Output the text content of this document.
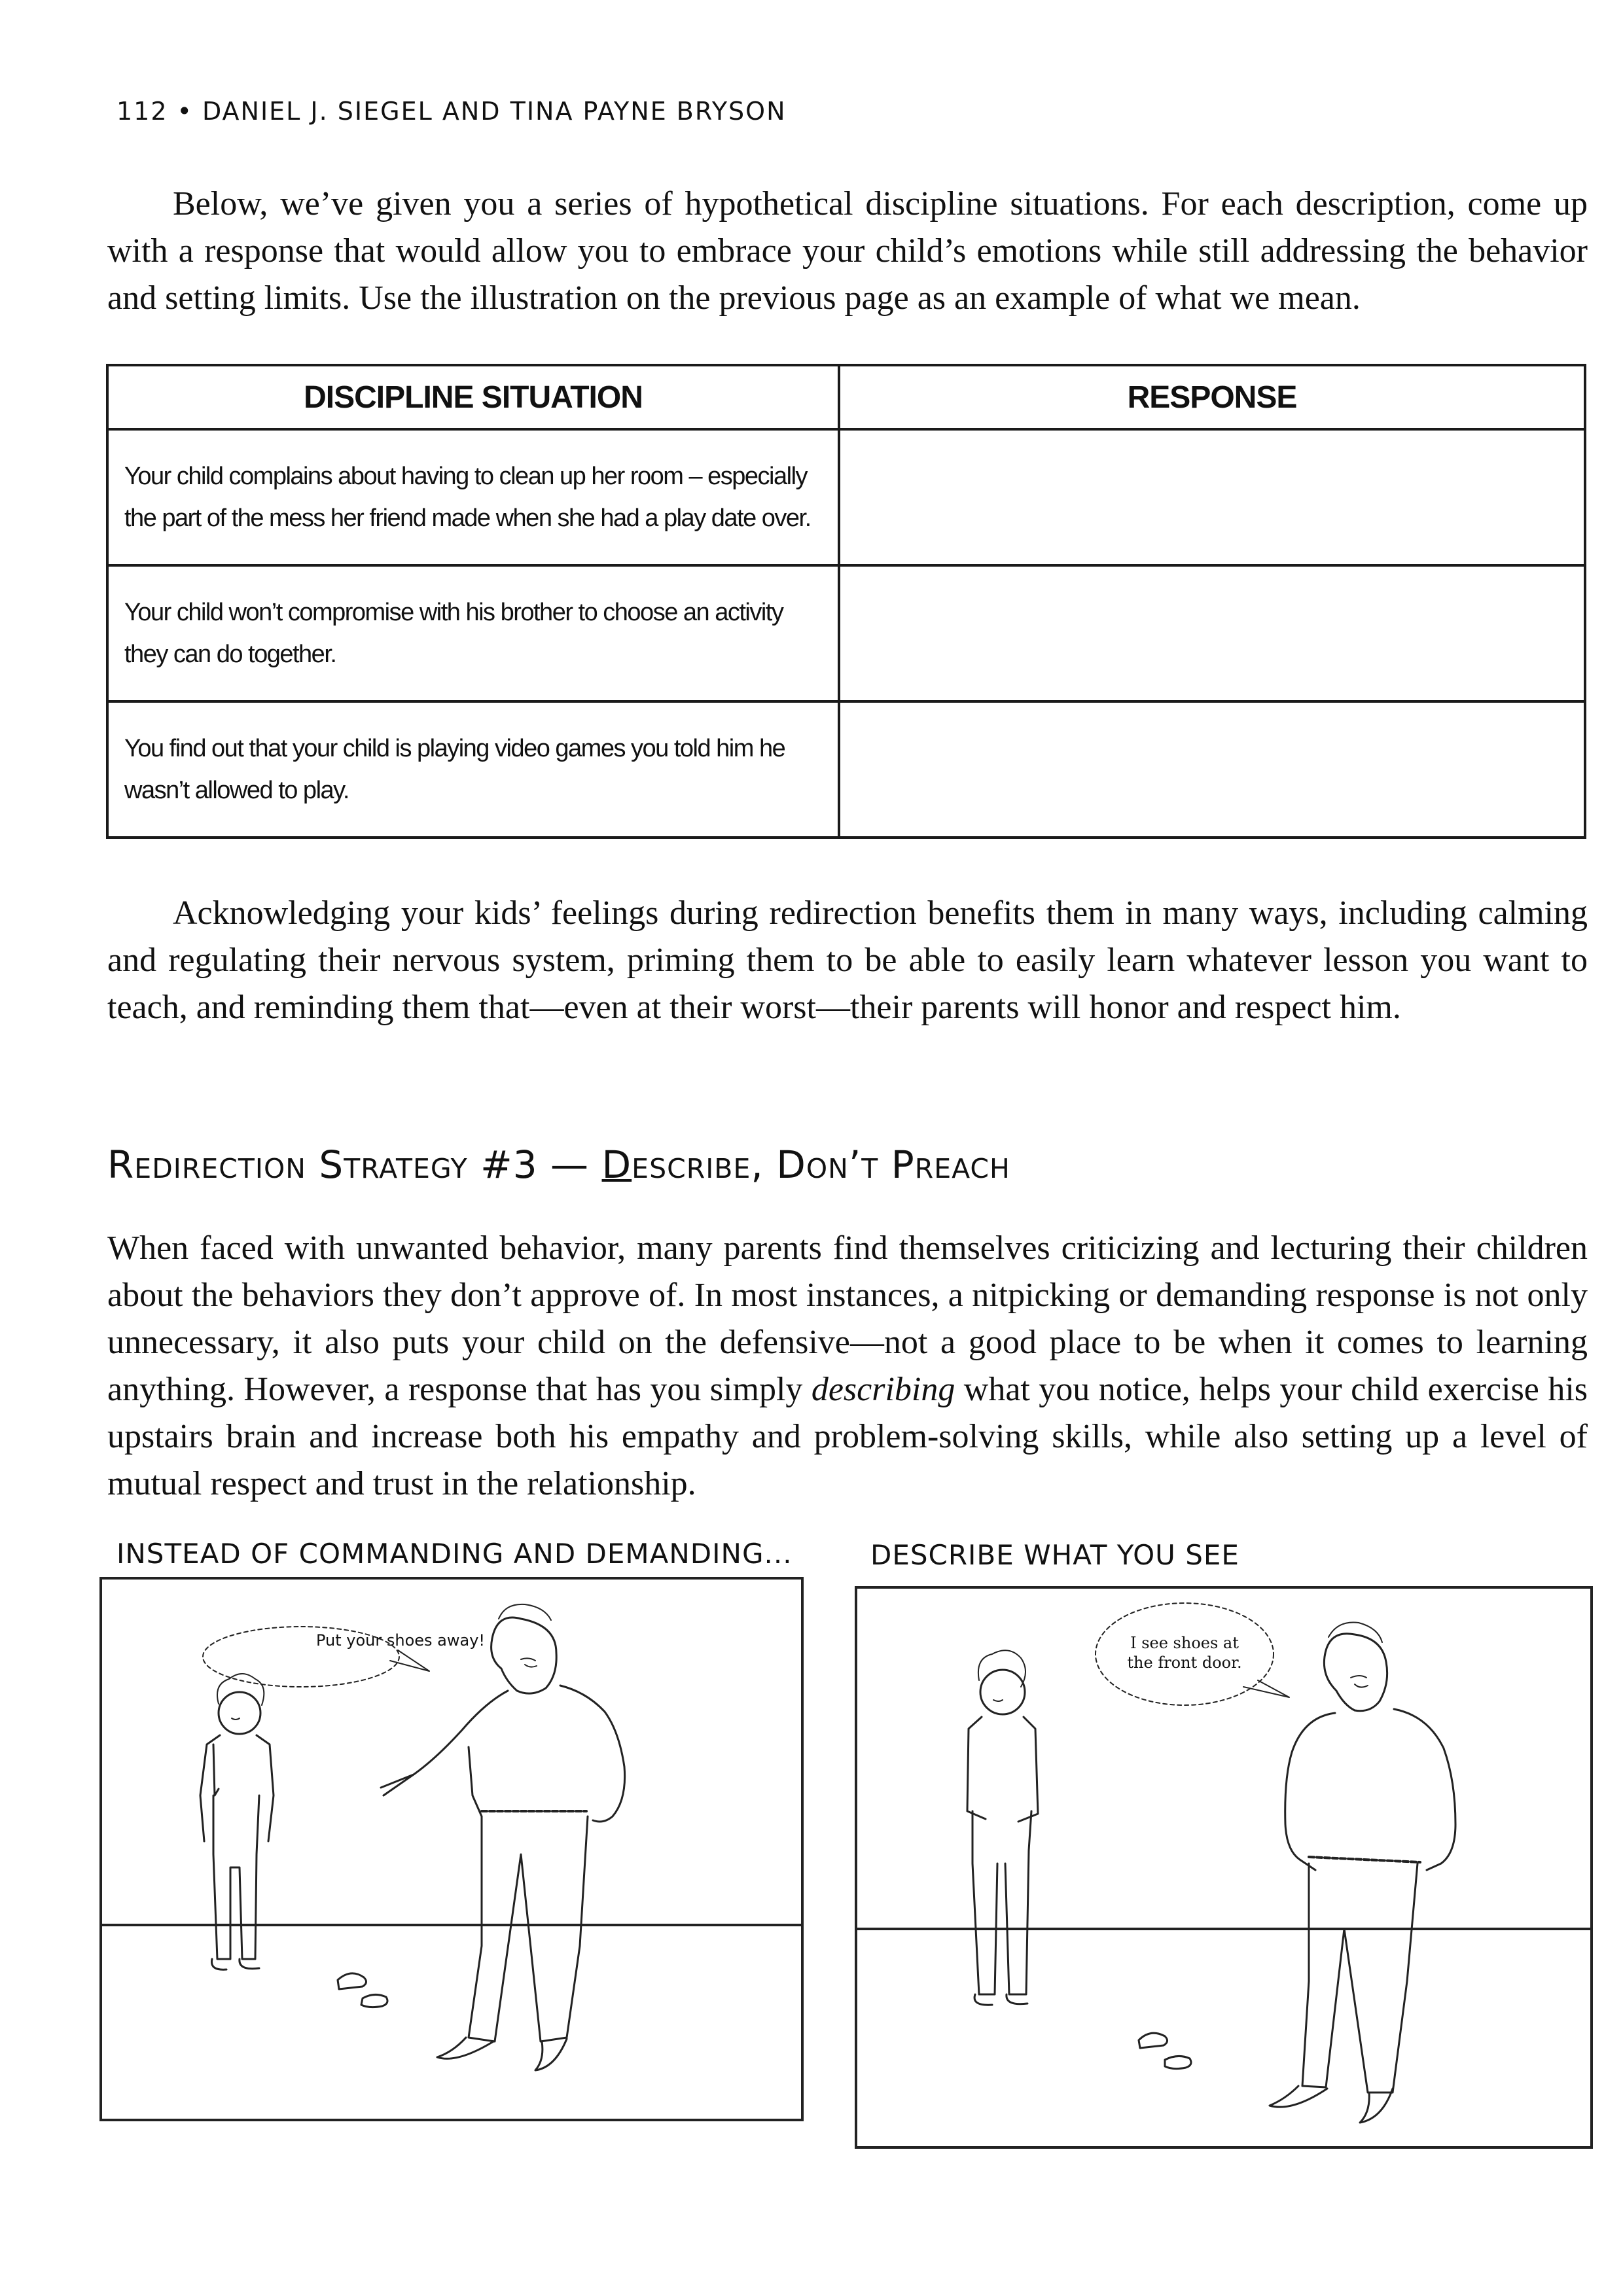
112 • DANIEL J. SIEGEL AND TINA PAYNE BRYSON
Below, we’ve given you a series of hypothetical discipline situations. For each description, come up with a response that would allow you to embrace your child’s emotions while still addressing the behavior and setting limits. Use the illustration on the previous page as an example of what we mean.
DISCIPLINE SITUATION	RESPONSE
Your child complains about having to clean up her room – especially the part of the mess her friend made when she had a play date over.	
Your child won’t compromise with his brother to choose an activity they can do together.	
You find out that your child is playing video games you told him he wasn’t allowed to play.	
Acknowledging your kids’ feelings during redirection benefits them in many ways, including calming and regulating their nervous system, priming them to be able to easily learn whatever lesson you want to teach, and reminding them that—even at their worst—their parents will honor and respect him.
Redirection Strategy #3 — Describe, Don’t Preach
When faced with unwanted behavior, many parents find themselves criticizing and lecturing their children about the behaviors they don’t approve of. In most instances, a nitpicking or demanding response is not only unnecessary, it also puts your child on the defensive—not a good place to be when it comes to learning anything. However, a response that has you simply describing what you notice, helps your child exercise his upstairs brain and increase both his empathy and problem-solving skills, while also setting up a level of mutual respect and trust in the relationship.
INSTEAD OF COMMANDING AND DEMANDING...	DESCRIBE WHAT YOU SEE
Put your shoes away!	I see shoes at
the front door.
